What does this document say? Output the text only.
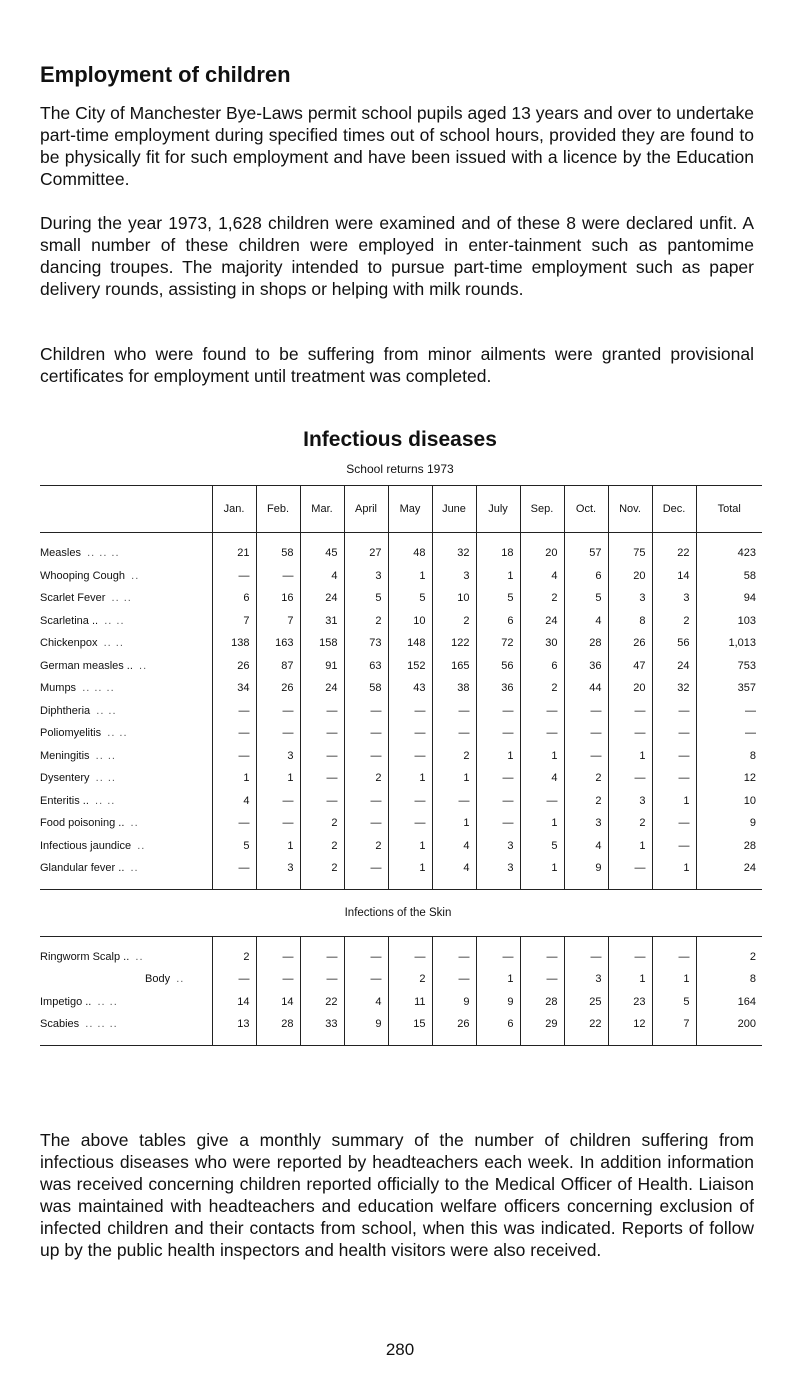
Employment of children

The City of Manchester Bye-Laws permit school pupils aged 13 years and over to undertake part-time employment during specified times out of school hours, provided they are found to be physically fit for such employment and have been issued with a licence by the Education Committee.

During the year 1973, 1,628 children were examined and of these 8 were declared unfit. A small number of these children were employed in enter-tainment such as pantomime dancing troupes. The majority intended to pursue part-time employment such as paper delivery rounds, assisting in shops or helping with milk rounds.

Children who were found to be suffering from minor ailments were granted provisional certificates for employment until treatment was completed.

Infectious diseases
School returns 1973
	Jan.	Feb.	Mar.	April	May	June	July	Sep.	Oct.	Nov.	Dec.	Total

Measles .. .. ..	21	58	45	27	48	32	18	20	57	75	22	423
Whooping Cough ..	—	—	4	3	1	3	1	4	6	20	14	58
Scarlet Fever .. ..	6	16	24	5	5	10	5	2	5	3	3	94
Scarletina .. .. ..	7	7	31	2	10	2	6	24	4	8	2	103
Chickenpox .. ..	138	163	158	73	148	122	72	30	28	26	56	1,013
German measles .. ..	26	87	91	63	152	165	56	6	36	47	24	753
Mumps .. .. ..	34	26	24	58	43	38	36	2	44	20	32	357
Diphtheria .. ..	—	—	—	—	—	—	—	—	—	—	—	—
Poliomyelitis .. ..	—	—	—	—	—	—	—	—	—	—	—	—
Meningitis .. ..	—	3	—	—	—	2	1	1	—	1	—	8
Dysentery .. ..	1	1	—	2	1	1	—	4	2	—	—	12
Enteritis .. .. ..	4	—	—	—	—	—	—	—	2	3	1	10
Food poisoning .. ..	—	—	2	—	—	1	—	1	3	2	—	9
Infectious jaundice ..	5	1	2	2	1	4	3	5	4	1	—	28
Glandular fever .. ..	—	3	2	—	1	4	3	1	9	—	1	24

Infections of the Skin												

Ringworm Scalp .. ..	2	—	—	—	—	—	—	—	—	—	—	2
Body ..	—	—	—	—	2	—	1	—	3	1	1	8
Impetigo .. .. ..	14	14	22	4	11	9	9	28	25	23	5	164
Scabies .. .. ..	13	28	33	9	15	26	6	29	22	12	7	200

The above tables give a monthly summary of the number of children suffering from infectious diseases who were reported by headteachers each week. In addition information was received concerning children reported officially to the Medical Officer of Health. Liaison was maintained with headteachers and education welfare officers concerning exclusion of infected children and their contacts from school, when this was indicated. Reports of follow up by the public health inspectors and health visitors were also received.

280
